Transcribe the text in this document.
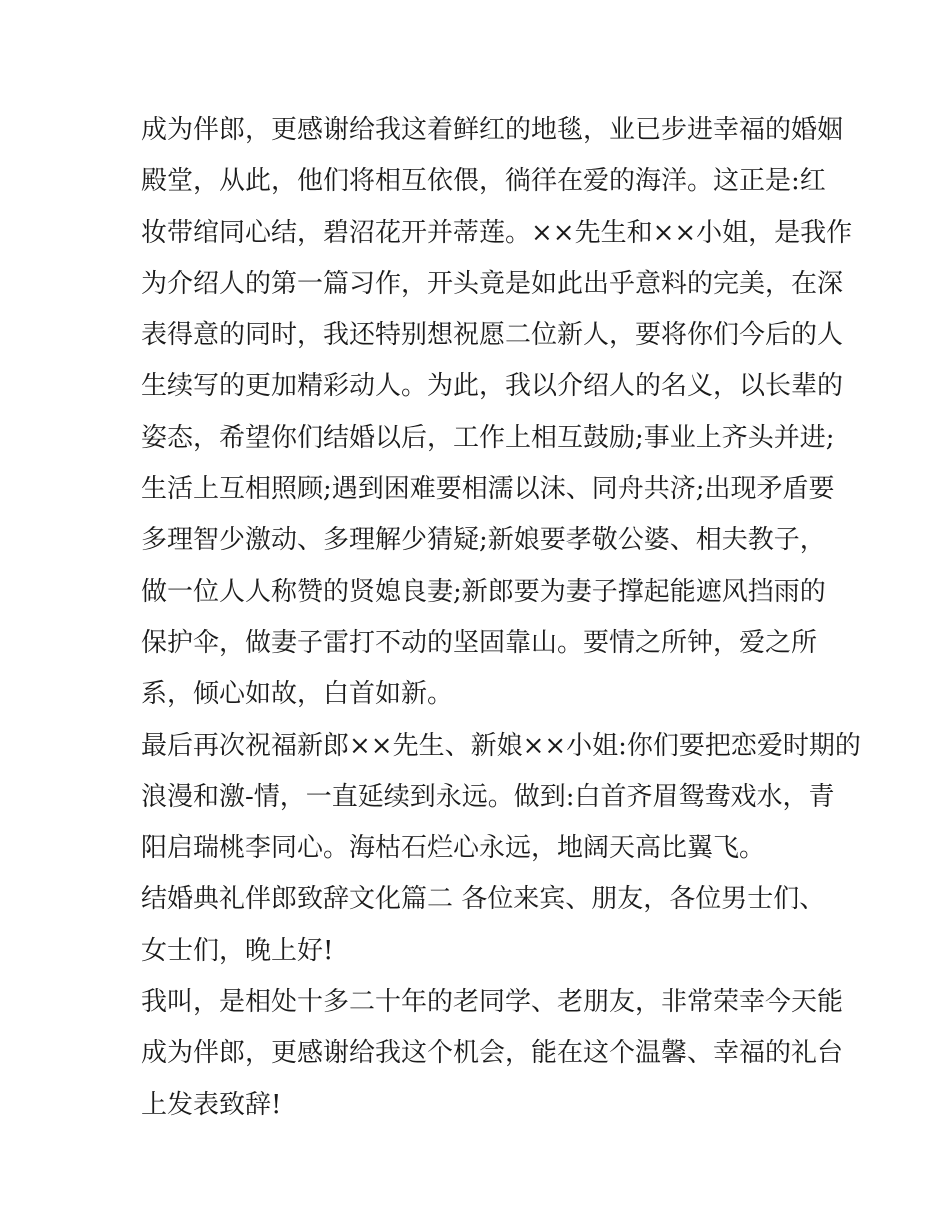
成为伴郎，更感谢给我这着鲜红的地毯，业已步进幸福的婚姻
殿堂，从此，他们将相互依偎，徜徉在爱的海洋。这正是:红
妆带绾同心结，碧沼花开并蒂莲。××先生和××小姐，是我作
为介绍人的第一篇习作，开头竟是如此出乎意料的完美，在深
表得意的同时，我还特别想祝愿二位新人，要将你们今后的人
生续写的更加精彩动人。为此，我以介绍人的名义，以长辈的
姿态，希望你们结婚以后，工作上相互鼓励;事业上齐头并进;
生活上互相照顾;遇到困难要相濡以沫、同舟共济;出现矛盾要
多理智少激动、多理解少猜疑;新娘要孝敬公婆、相夫教子，
做一位人人称赞的贤媳良妻;新郎要为妻子撑起能遮风挡雨的
保护伞，做妻子雷打不动的坚固靠山。要情之所钟，爱之所
系，倾心如故，白首如新。
最后再次祝福新郎××先生、新娘××小姐:你们要把恋爱时期的
浪漫和激-情，一直延续到永远。做到:白首齐眉鸳鸯戏水，青
阳启瑞桃李同心。海枯石烂心永远，地阔天高比翼飞。
结婚典礼伴郎致辞文化篇二 各位来宾、朋友，各位男士们、
女士们，晚上好!
我叫，是相处十多二十年的老同学、老朋友，非常荣幸今天能
成为伴郎，更感谢给我这个机会，能在这个温馨、幸福的礼台
上发表致辞!
